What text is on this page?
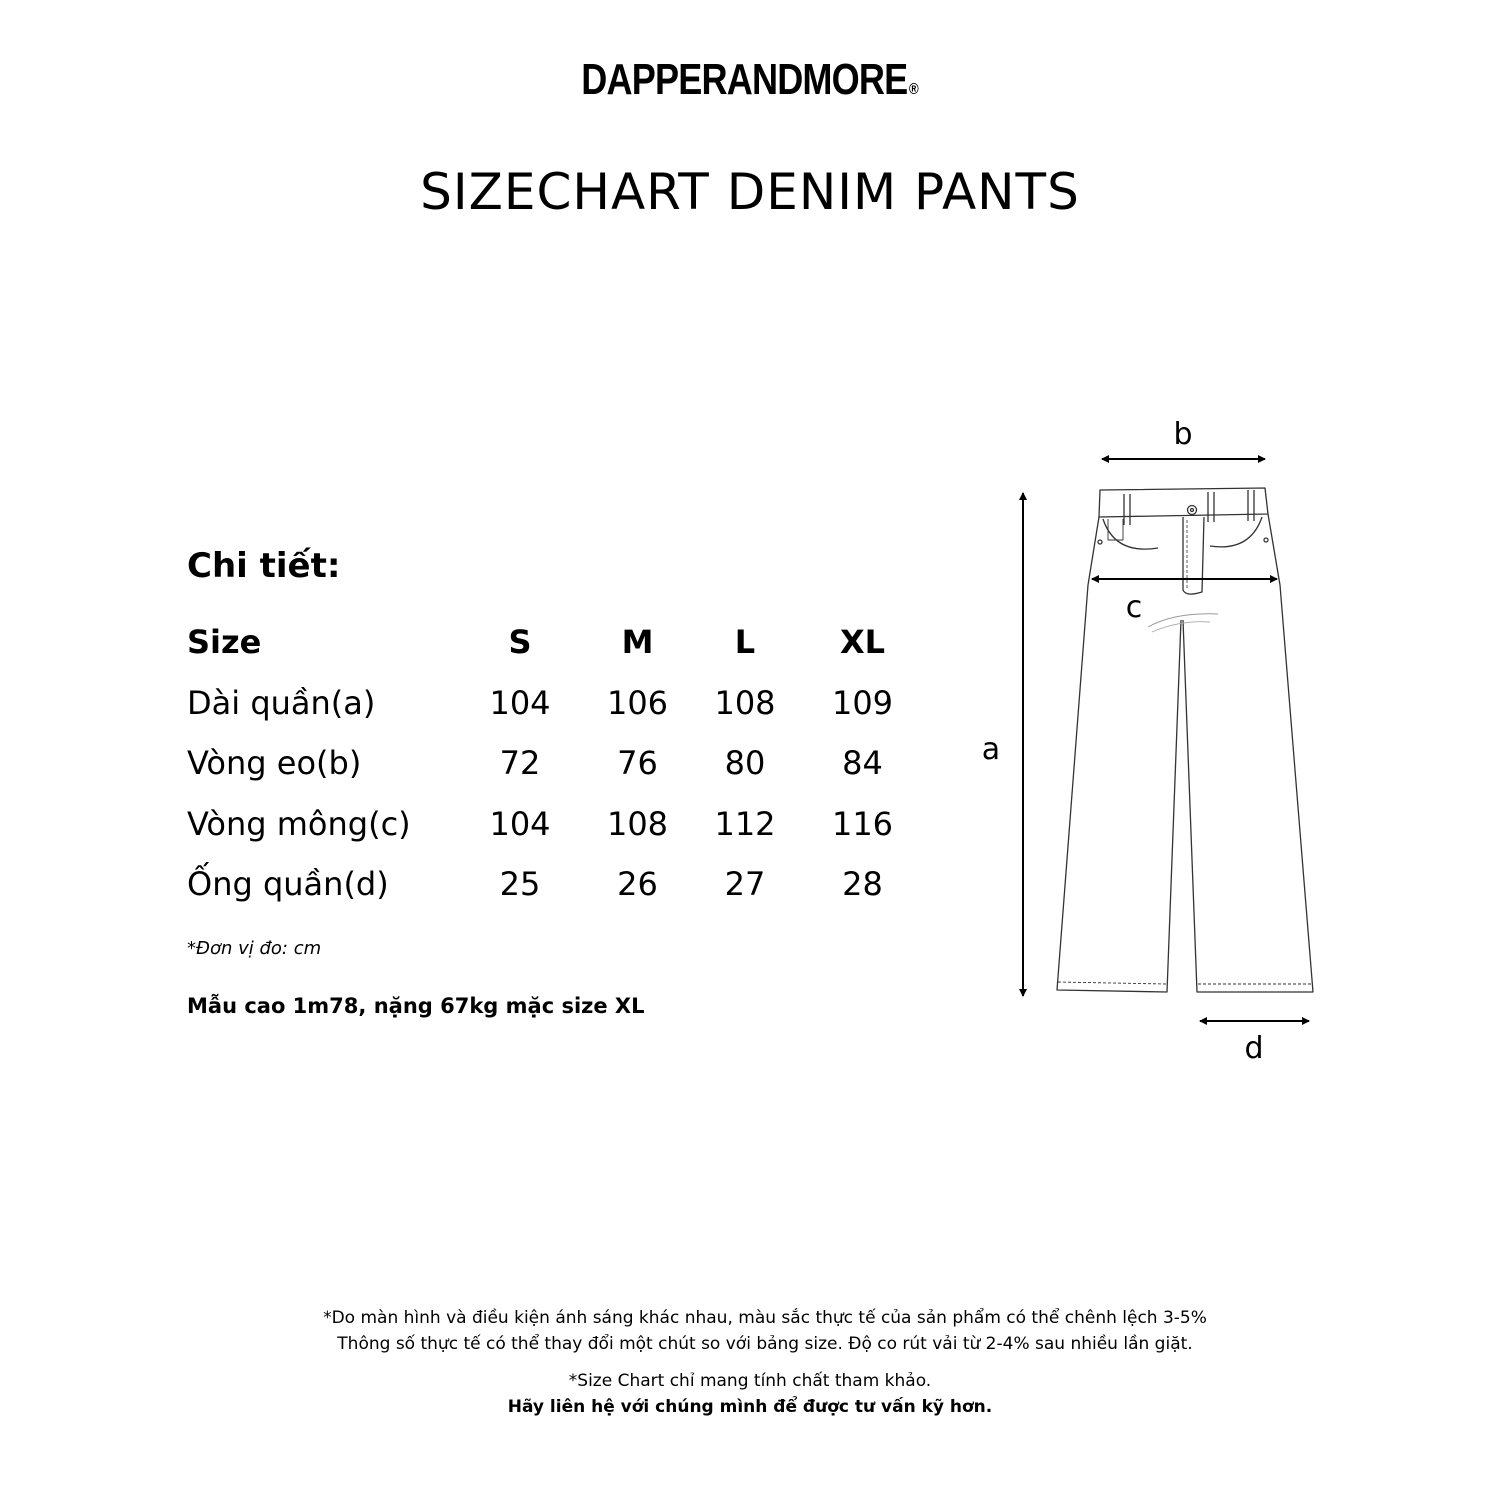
DAPPERANDMORE ®
SIZECHART DENIM PANTS
Chi tiết:
Size	S	M	L	XL
Dài quần(a)	104	106	108	109
Vòng eo(b)	72	76	80	84
Vòng mông(c)	104	108	112	116
Ống quần(d)	25	26	27	28
*Đơn vị đo: cm
Mẫu cao 1m78, nặng 67kg mặc size XL
b
c
a
d
*Do màn hình và điều kiện ánh sáng khác nhau, màu sắc thực tế của sản phẩm có thể chênh lệch 3-5%
Thông số thực tế có thể thay đổi một chút so với bảng size. Độ co rút vải từ 2-4% sau nhiều lần giặt.
*Size Chart chỉ mang tính chất tham khảo.
Hãy liên hệ với chúng mình để được tư vấn kỹ hơn.
